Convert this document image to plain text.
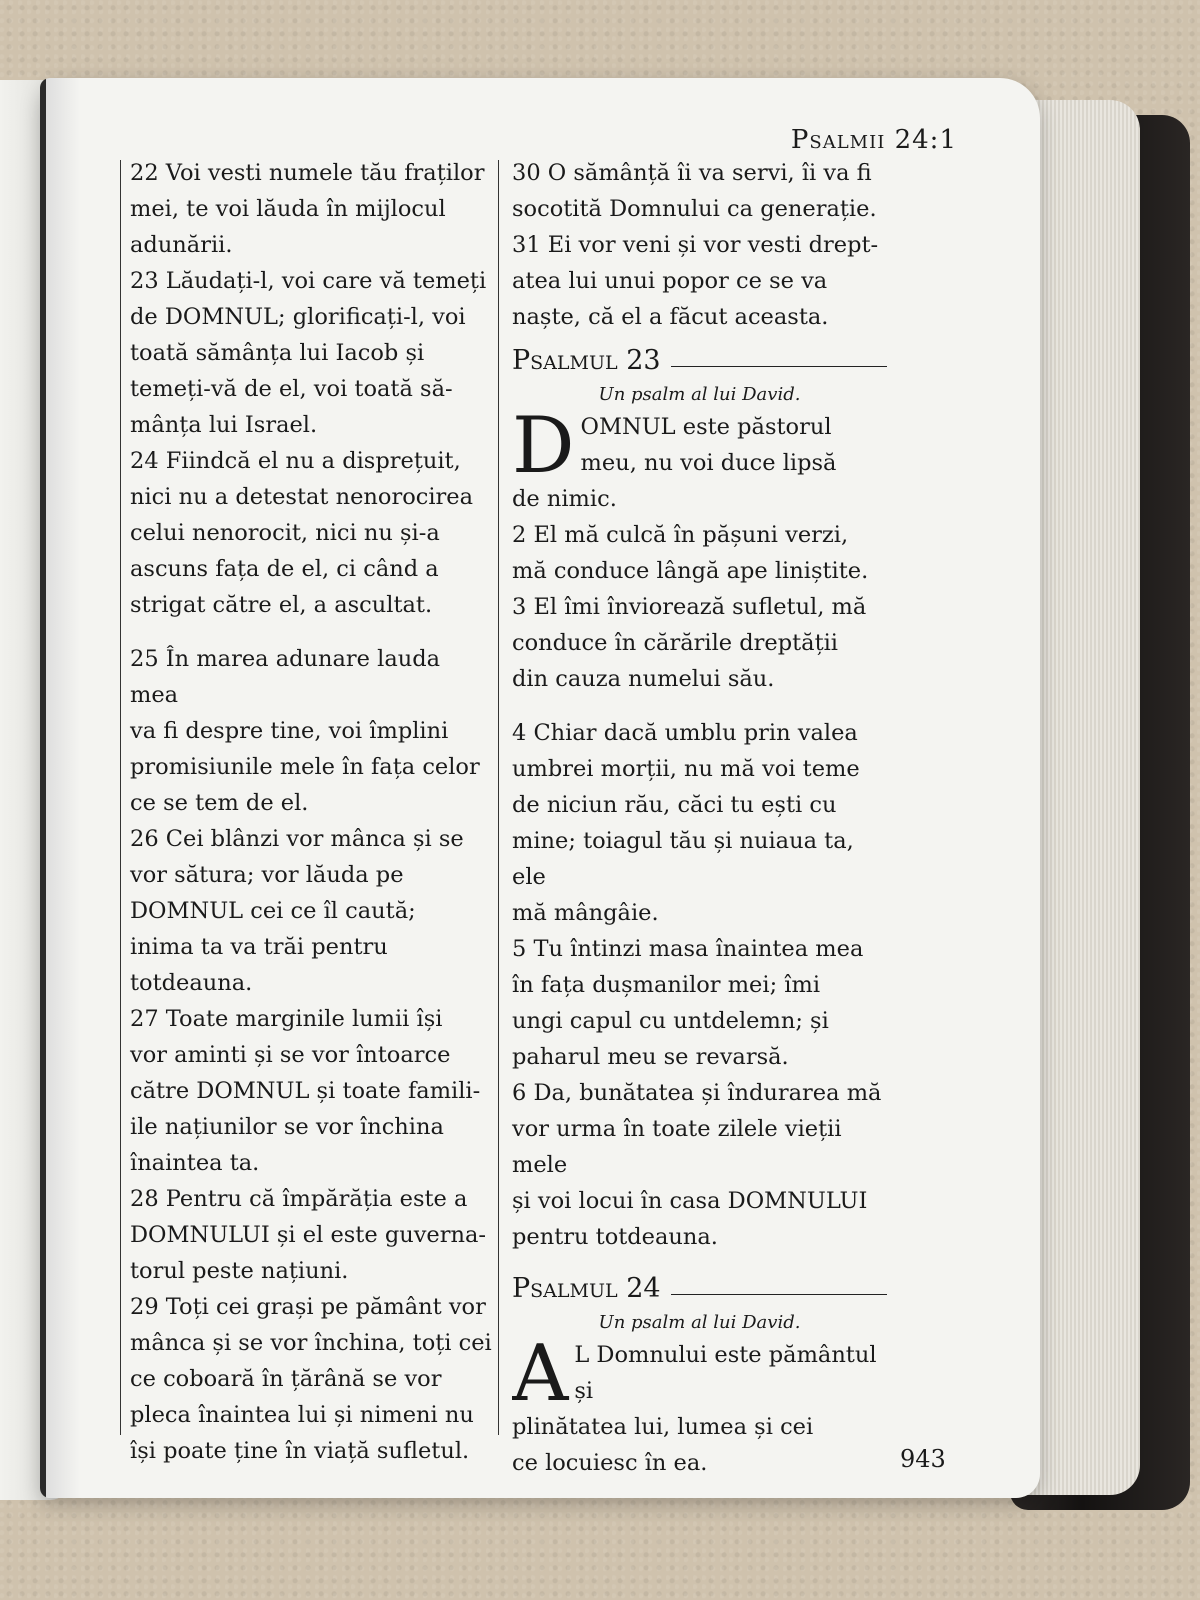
Psalmii 24:1

22 Voi vesti numele tău fraților

mei, te voi lăuda în mijlocul

adunării.

23 Lăudați-l, voi care vă temeți

de DOMNUL; glorificați-l, voi

toată sămânța lui Iacob și

temeți-vă de el, voi toată să-

mânța lui Israel.

24 Fiindcă el nu a disprețuit,

nici nu a detestat nenorocirea

celui nenorocit, nici nu și-a

ascuns fața de el, ci când a

strigat către el, a ascultat.

25 În marea adunare lauda mea

va fi despre tine, voi împlini

promisiunile mele în fața celor

ce se tem de el.

26 Cei blânzi vor mânca și se

vor sătura; vor lăuda pe

DOMNUL cei ce îl caută;

inima ta va trăi pentru

totdeauna.

27 Toate marginile lumii își

vor aminti și se vor întoarce

către DOMNUL și toate famili-

ile națiunilor se vor închina

înaintea ta.

28 Pentru că împărăția este a

DOMNULUI și el este guverna-

torul peste națiuni.

29 Toți cei grași pe pământ vor

mânca și se vor închina, toți cei

ce coboară în țărână se vor

pleca înaintea lui și nimeni nu

își poate ține în viață sufletul.

30 O sămânță îi va servi, îi va fi

socotită Domnului ca generație.

31 Ei vor veni și vor vesti drept-

atea lui unui popor ce se va

naște, că el a făcut aceasta.

Psalmul 23
Un psalm al lui David.
D OMNUL este păstorul

meu, nu voi duce lipsă

de nimic.

2 El mă culcă în pășuni verzi,

mă conduce lângă ape liniștite.

3 El îmi înviorează sufletul, mă

conduce în cărările dreptății

din cauza numelui său.

4 Chiar dacă umblu prin valea

umbrei morții, nu mă voi teme

de niciun rău, căci tu ești cu

mine; toiagul tău și nuiaua ta, ele

mă mângâie.

5 Tu întinzi masa înaintea mea

în fața dușmanilor mei; îmi

ungi capul cu untdelemn; și

paharul meu se revarsă.

6 Da, bunătatea și îndurarea mă

vor urma în toate zilele vieții mele

și voi locui în casa DOMNULUI

pentru totdeauna.

Psalmul 24
Un psalm al lui David.
A L Domnului este pământul și

plinătatea lui, lumea și cei

ce locuiesc în ea.	943
